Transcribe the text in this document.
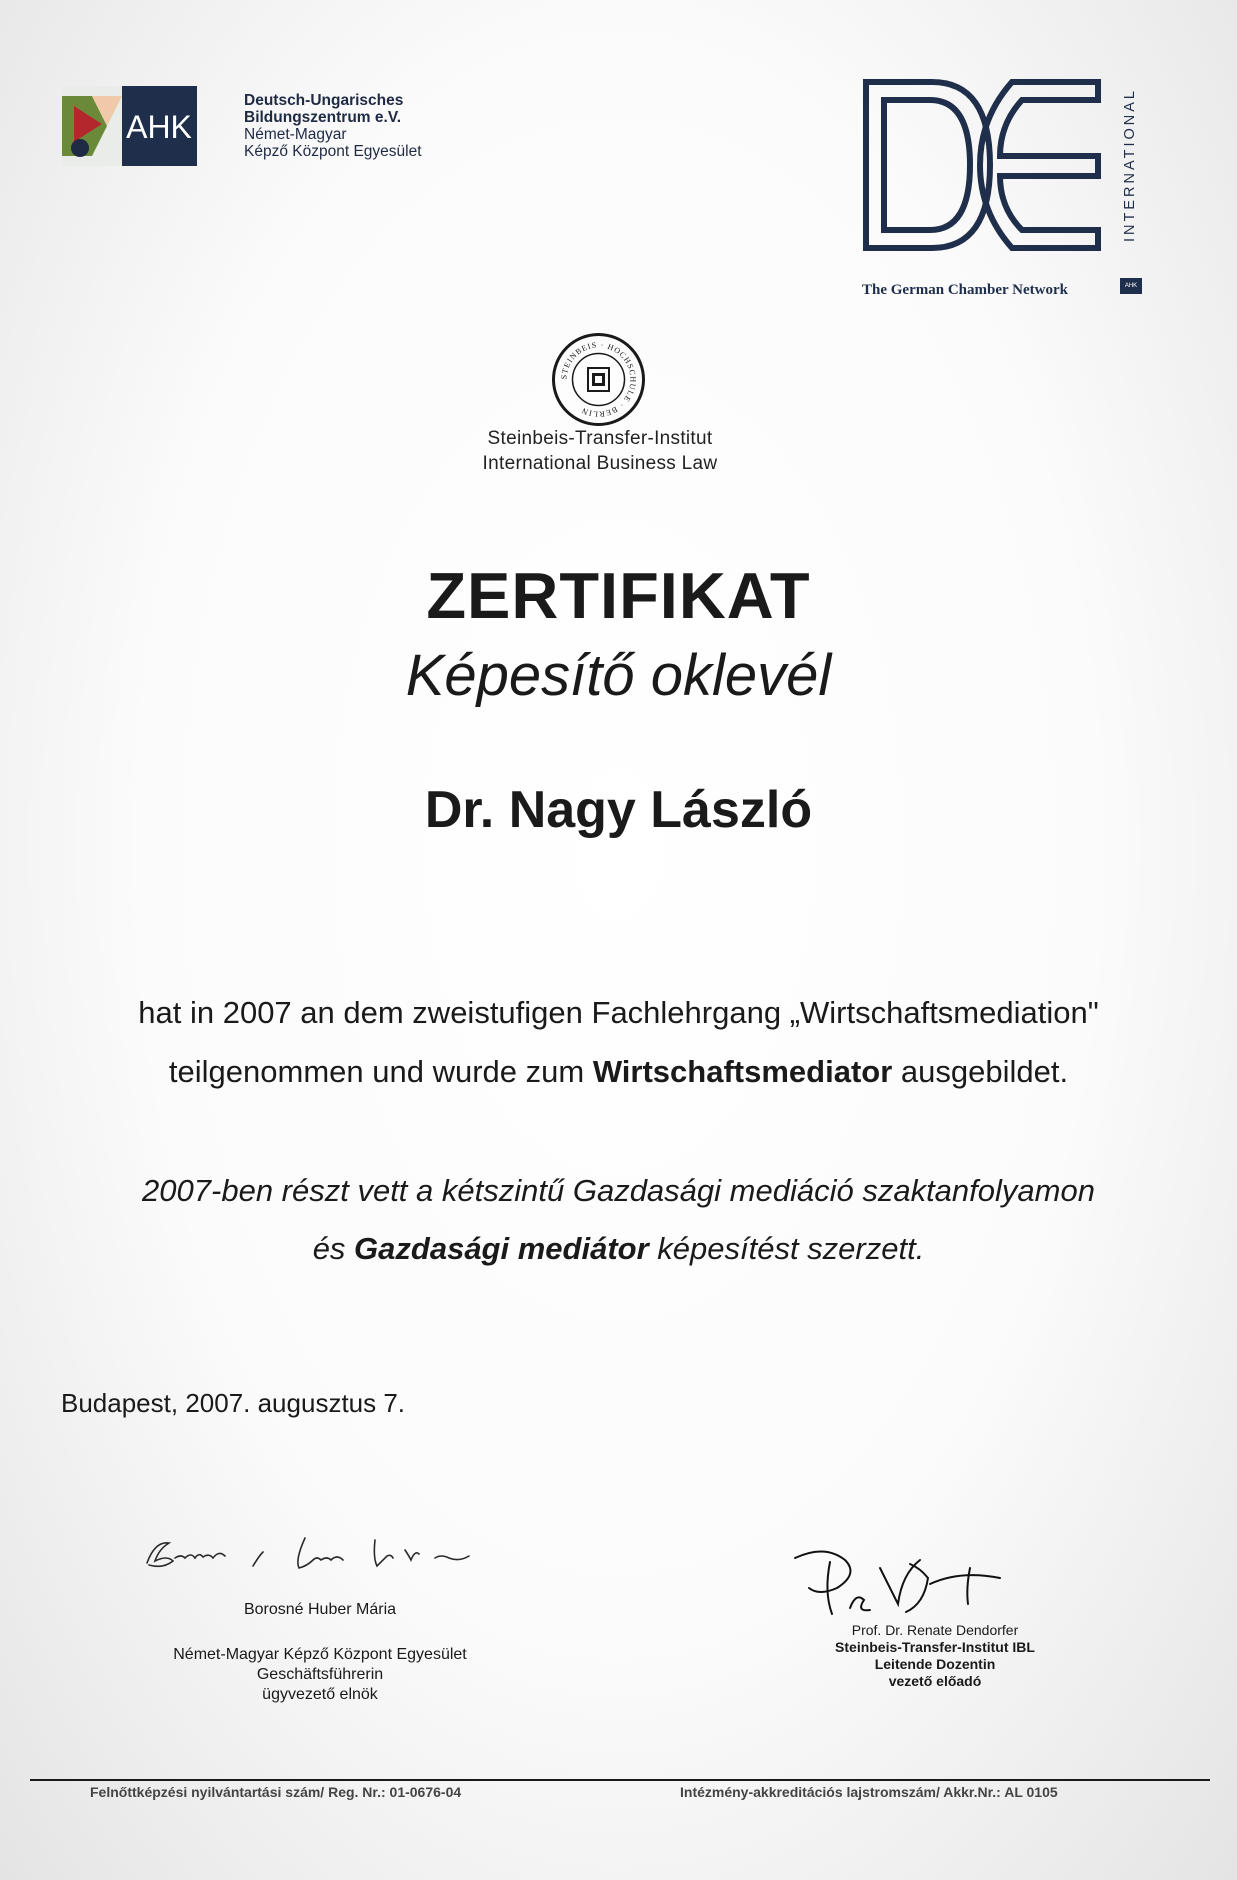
AHK
Deutsch-Ungarisches
Bildungszentrum e.V.
Német-Magyar
Képző Központ Egyesület
DE
INTERNATIONAL
The German Chamber Network	AHK
STEINBEIS · HOCHSCHULE · BERLIN
Steinbeis-Transfer-Institut
International Business Law
ZERTIFIKAT
Képesítő oklevél
Dr. Nagy László
hat in 2007 an dem zweistufigen Fachlehrgang „Wirtschaftsmediation"
teilgenommen und wurde zum Wirtschaftsmediator ausgebildet.
2007-ben részt vett a kétszintű Gazdasági mediáció szaktanfolyamon
és Gazdasági mediátor képesítést szerzett.
Budapest, 2007. augusztus 7.
Borosné Huber Mária
Német-Magyar Képző Központ Egyesület
Geschäftsführerin
ügyvezető elnök
Prof. Dr. Renate Dendorfer
Steinbeis-Transfer-Institut IBL
Leitende Dozentin
vezető előadó
Felnőttképzési nyilvántartási szám/ Reg. Nr.: 01-0676-04	Intézmény-akkreditációs lajstromszám/ Akkr.Nr.: AL 0105
